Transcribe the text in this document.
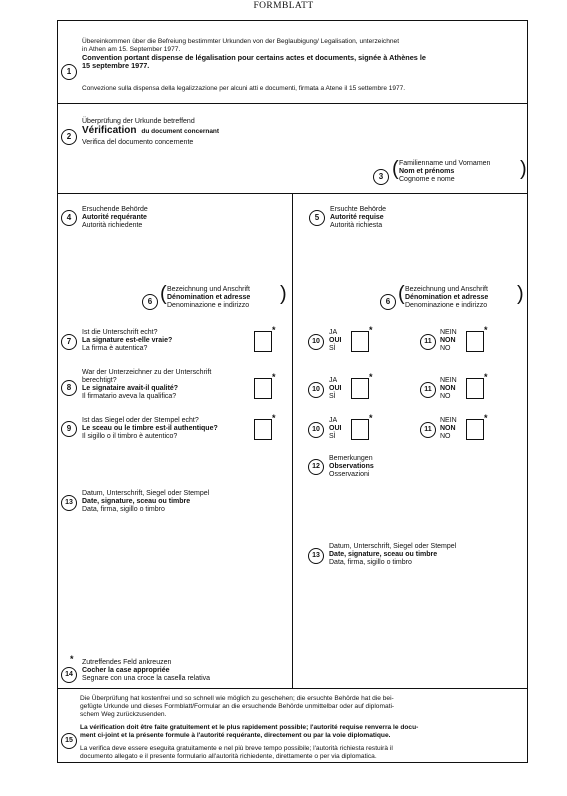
FORMBLATT
1
Übereinkommen über die Befreiung bestimmter Urkunden von der Beglaubigung/ Legalisation, unterzeichnet
in Athen am 15. September 1977.
Convention portant dispense de légalisation pour certains actes et documents, signée à Athènes le
15 septembre 1977.
Convezione sulla dispensa della legalizzazione per alcuni atti e documenti, firmata a Atene il 15 settembre 1977.
2
Überprüfung der Urkunde betreffend
Vérification du document concernant
Verifica del documento concernente
3 ( Familienname und Vornamen
Nom et prénoms
Cognome e nome	)
4
Ersuchende Behörde
Autorité requérante
Autorità richiedente
5
Ersuchte Behörde
Autorité requise
Autorità richiesta
6 ( Bezeichnung und Anschrift
Dénomination et adresse
Denominazione e indirizzo
)	6 ( Bezeichnung und Anschrift
Dénomination et adresse
Denominazione e indirizzo
)
7
Ist die Unterschrift echt?
La signature est-elle vraie?
La firma è autentica?
*
8
War der Unterzeichner zu der Unterschrift
berechtigt?
Le signataire avait-il qualité?
Il firmatario aveva la qualifica?
*
9
Ist das Siegel oder der Stempel echt?
Le sceau ou le timbre est-il authentique?
Il sigillo o il timbro è autentico?
*
10
JA
OUI
SÌ
*
11
NEIN
NON
NO
*
10
JA
OUI
SÌ
*
11
NEIN
NON
NO
*
10
JA
OUI
SÌ
*
11
NEIN
NON
NO
*
12
Bemerkungen
Observations
Osservazioni
13
Datum, Unterschrift, Siegel oder Stempel
Date, signature, sceau ou timbre
Data, firma, sigillo o timbro
13
Datum, Unterschrift, Siegel oder Stempel
Date, signature, sceau ou timbre
Data, firma, sigillo o timbro
*
14
Zutreffendes Feld ankreuzen
Cocher la case appropriée
Segnare con una croce la casella relativa
15
Die Überprüfung hat kostenfrei und so schnell wie möglich zu geschehen; die ersuchte Behörde hat die bei-
gefügte Urkunde und dieses Formblatt/Formular an die ersuchende Behörde unmittelbar oder auf diplomati-
schem Weg zurückzusenden.
La vérification doit être faite gratuitement et le plus rapidement possible; l'autorité requise renverra le docu-
ment ci-joint et la présente formule à l'autorité requérante, directement ou par la voie diplomatique.
La verifica deve essere eseguita gratuitamente e nel più breve tempo possibile; l'autorità richiesta restuirà il
documento allegato e il presente formulario all'autorità richiedente, direttamente o per via diplomatica.
